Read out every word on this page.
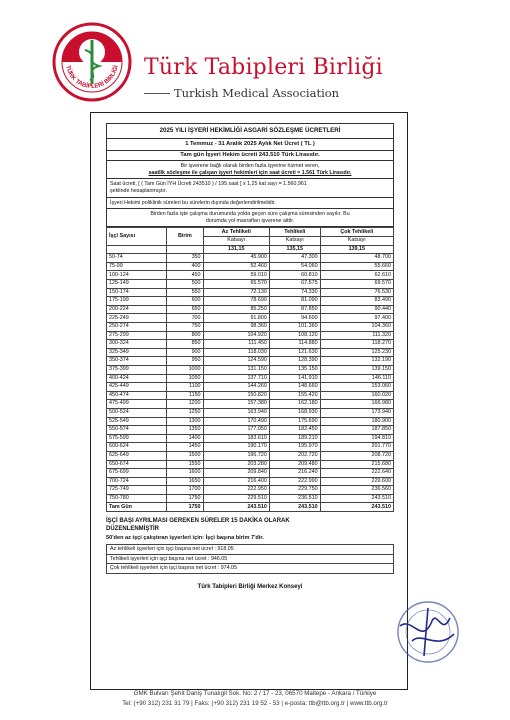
TÜRK TABİPLERİ BİRLİĞİ Türk Tabipleri Birliği
Turkish Medical Association
2025 YILI İŞYERİ HEKİMLİĞİ ASGARİ SÖZLEŞME ÜCRETLERİ
1 Temmuz - 31 Aralık 2025 Aylık Net Ücret ( TL )
Tam gün İşyeri Hekim ücreti 243.510 Türk Lirasıdır.
Bir işverene bağlı olarak birden fazla işyerine hizmet veren,
saatlik sözleşme ile çalışan işyeri hekimleri için saat ücreti = 1.561 Türk Lirasıdır.
Saat ücreti, [ ( Tam Gün İYH Ücreti 243510 ) / 195 saat ] x 1,25 kat sayı = 1.560,961
şeklinde hesaplanmıştır.
İşyeri Hekimi poliklinik süreleri bu sürelerin dışında değerlendirilmelidir.
Birden fazla işte çalışma durumunda yolda geçen süre çalışma süresinden sayılır. Bu
durumda yol masrafları işverene aittir.
İşçi Sayısı	Birim	Az Tehlikeli	Tehlikeli	Çok Tehlikeli
		Katsayı	Katsayı	Katsayı
		131,15	135,15	139,15
50-74	350	45.900	47.300	48.700
75-99	400	52.460	54.060	55.660
100-124	450	59.010	60.810	62.610
125-149	500	65.570	67.575	69.570
150-174	550	72.130	74.330	76.530
175-199	600	78.690	81.090	83.490
200-224	650	85.250	87.850	90.440
225-249	700	91.800	94.600	97.400
250-274	750	98.360	101.360	104.360
275-299	800	104.920	108.120	111.320
300-324	850	111.450	114.880	118.270
325-349	900	118.030	121.630	125.230
350-374	950	124.590	128.390	132.190
375-399	1000	131.150	135.150	139.150
400-424	1050	137.710	141.910	146.110
425-449	1100	144.260	148.660	153.060
450-474	1150	150.820	155.420	160.020
475-499	1200	157.380	162.180	166.980
500-524	1250	163.940	168.930	173.940
525-549	1300	170.490	175.690	180.900
550-574	1350	177.050	182.450	187.850
575-599	1400	183.610	189.210	194.810
600-624	1450	190.170	195.970	201.770
625-649	1500	196.720	202.720	208.720
650-674	1550	203.280	209.480	215.680
675-699	1600	209.840	216.240	222.640
700-724	1650	216.400	222.990	229.600
725-749	1700	222.950	229.750	236.560
750-780	1750	229.510	236.510	243.510
Tam Gün	1750	243.510	243.510	243.510
İŞÇİ BAŞI AYRILMASI GEREKEN SÜRELER 15 DAKİKA OLARAK
DÜZENLENMİŞTİR
50'den az işçi çalıştıran işyerleri için: İşçi başına birim 7'dir.
Az tehlikeli işyerleri için işçi başına net ücret : 918.05
Tehlikeli işyerleri için işçi başına net ücret : 946.05
Çok tehlikeli işyerleri için işçi başına net ücret : 974.05
Türk Tabipleri Birliği Merkez Konseyi
GMK Bulvarı Şehit Daniş Tunalıgil Sok. No: 2 / 17 - 23, 06570 Maltepe - Ankara / Türkiye
Tel: (+90 312) 231 31 79 | Faks: (+90 312) 231 19 52 - 53 | e-posta: ttb@ttb.org.tr | www.ttb.org.tr
